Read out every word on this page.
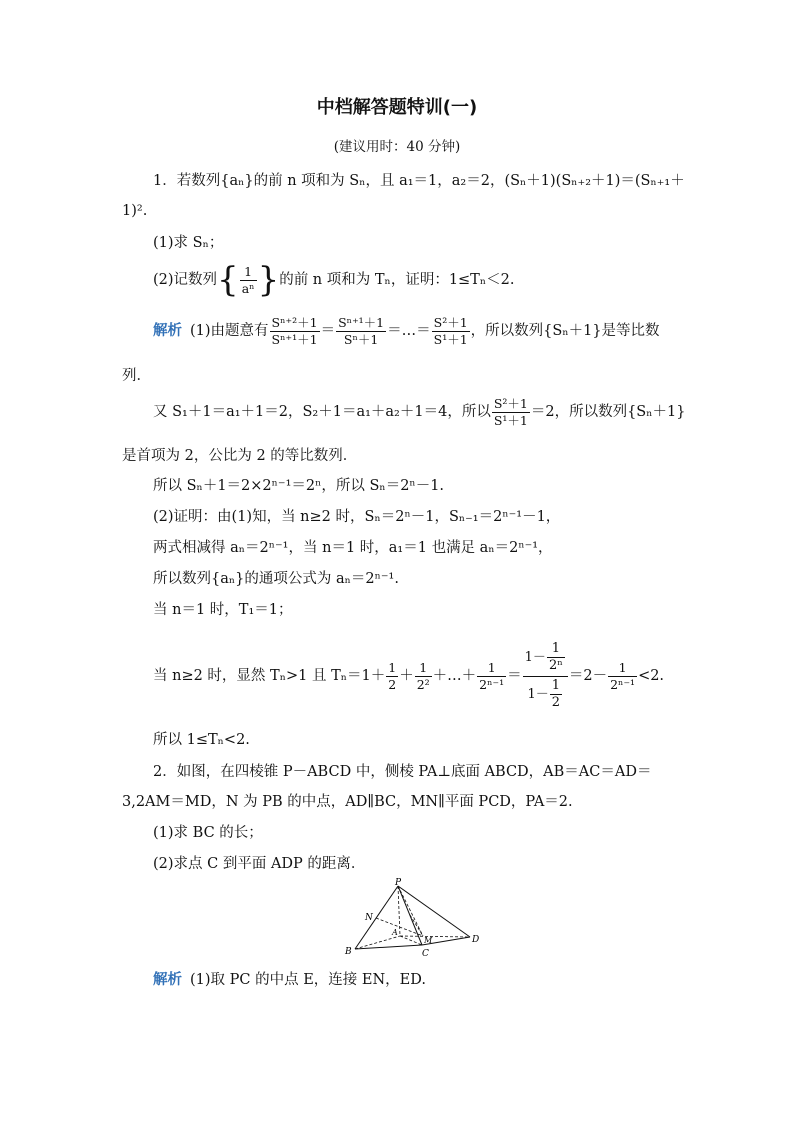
中档解答题特训(一)
(建议用时：40 分钟)
1．若数列{aₙ}的前 n 项和为 Sₙ，且 a₁＝1，a₂＝2，(Sₙ＋1)(Sₙ₊₂＋1)＝(Sₙ₊₁＋
1)².
(1)求 Sₙ；
(2)记数列{ $\frac{1}{\text{aⁿ}}$ }的前 n 项和为 Tₙ，证明：1≤Tₙ＜2.
解析 (1)由题意有 $\frac{\text{Sⁿ⁺²＋1}}{\text{Sⁿ⁺¹＋1}} = \frac{\text{Sⁿ⁺¹＋1}}{\text{Sⁿ＋1}}$ ＝…＝ $\frac{\text{S²＋1}}{\text{S¹＋1}}$ ，所以数列{Sₙ＋1}是等比数
列．
又 S₁＋1＝a₁＋1＝2，S₂＋1＝a₁＋a₂＋1＝4，所以 $\frac{\text{S²＋1}}{\text{S¹＋1}} =2$，所以数列{Sₙ＋1}
是首项为 2，公比为 2 的等比数列．
所以 Sₙ＋1＝2×2ⁿ⁻¹＝2ⁿ，所以 Sₙ＝2ⁿ－1.
(2)证明：由(1)知，当 n≥2 时，Sₙ＝2ⁿ－1，Sₙ₋₁＝2ⁿ⁻¹－1，
两式相减得 aₙ＝2ⁿ⁻¹，当 n＝1 时，a₁＝1 也满足 aₙ＝2ⁿ⁻¹，
所以数列{aₙ}的通项公式为 aₙ＝2ⁿ⁻¹.
当 n＝1 时，T₁＝1；
当 n≥2 时，显然 Tₙ>1 且 $T_n=1+ \frac{1}{2} + \frac{1}{\text{2²}}$ ＋…＋ $\frac{1}{\text{2ⁿ⁻¹}} = \frac{1- \frac{1}{\text{2ⁿ}}}{1- \frac{1}{2}} =2- \frac{1}{\text{2ⁿ⁻¹}} <2$.
所以 1≤Tₙ<2.
2．如图，在四棱锥 P－ABCD 中，侧棱 PA⊥底面 ABCD，AB＝AC＝AD＝
3,2AM＝MD，N 为 PB 的中点，AD∥BC，MN∥平面 PCD，PA＝2.
(1)求 BC 的长；
(2)求点 C 到平面 ADP 的距离．
P
N
A
M
B	C
D
解析 (1)取 PC 的中点 E，连接 EN，ED.
